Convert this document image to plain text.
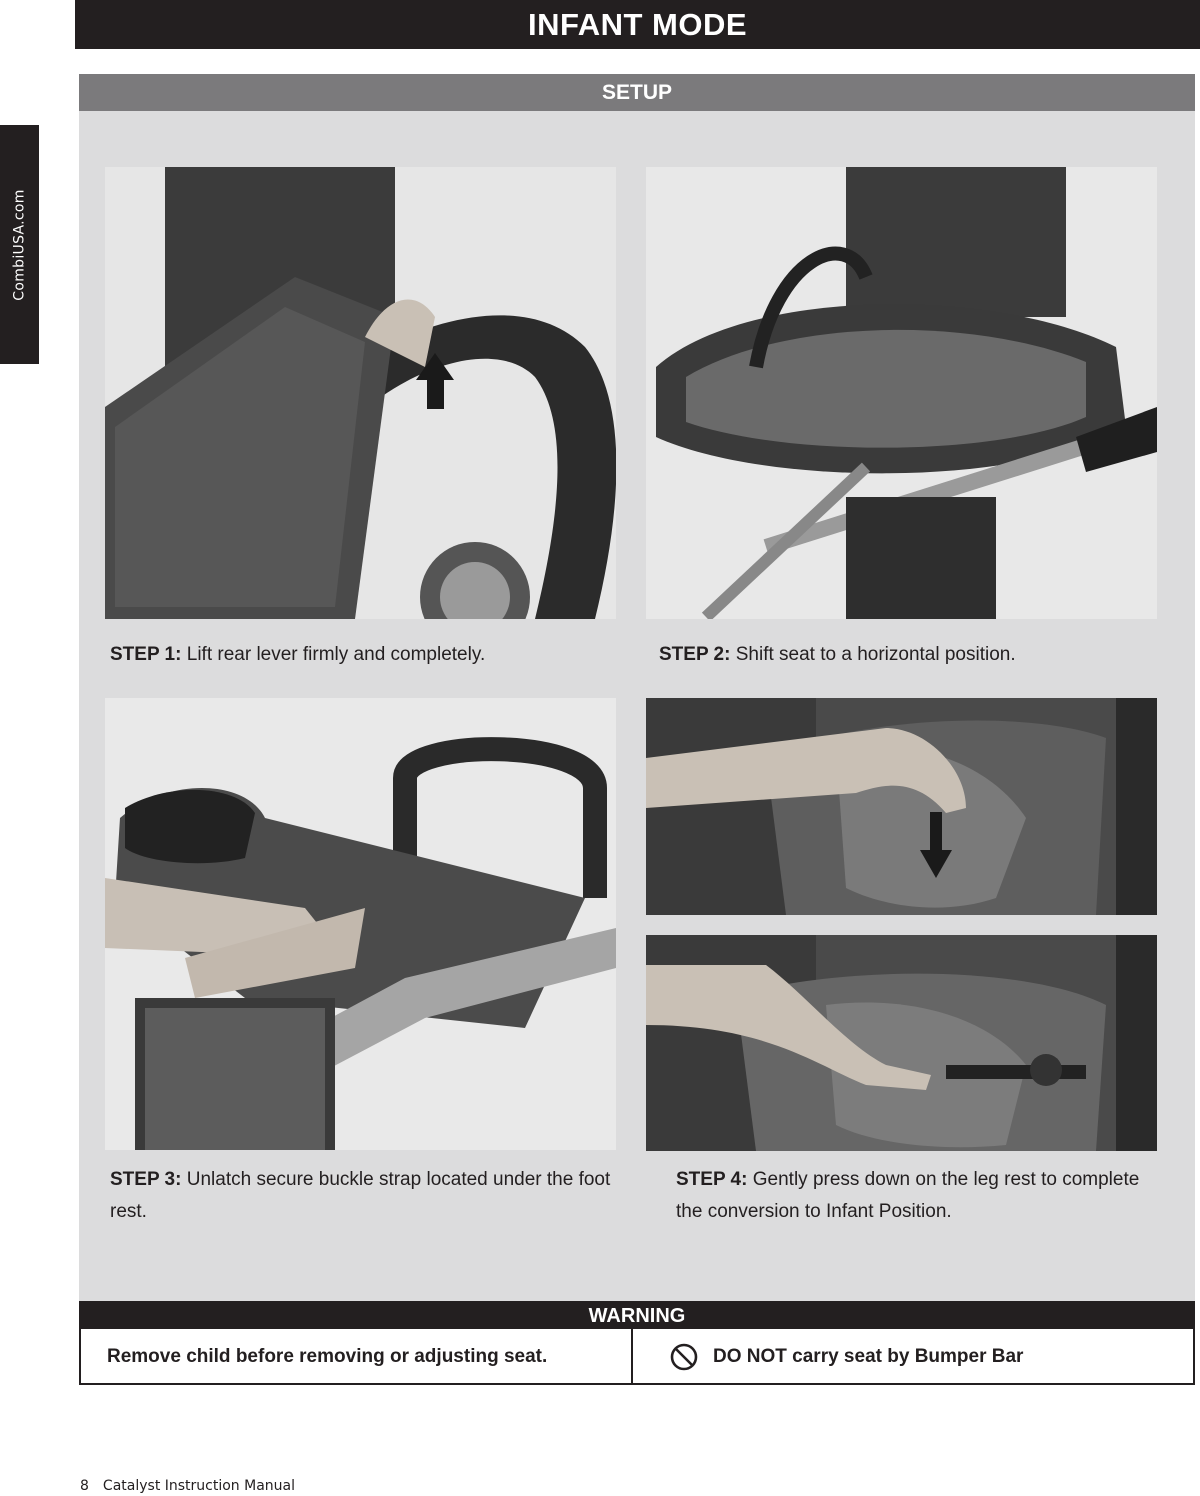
CombiUSA.com
INFANT MODE
SETUP
STEP 1: Lift rear lever firmly and completely.	STEP 2: Shift seat to a horizontal position.
STEP 3: Unlatch secure buckle strap located under the foot rest.
STEP 4: Gently press down on the leg rest to complete the conversion to Infant Position.
WARNING
Remove child before removing or adjusting seat.	DO NOT carry seat by Bumper Bar
8 Catalyst Instruction Manual
